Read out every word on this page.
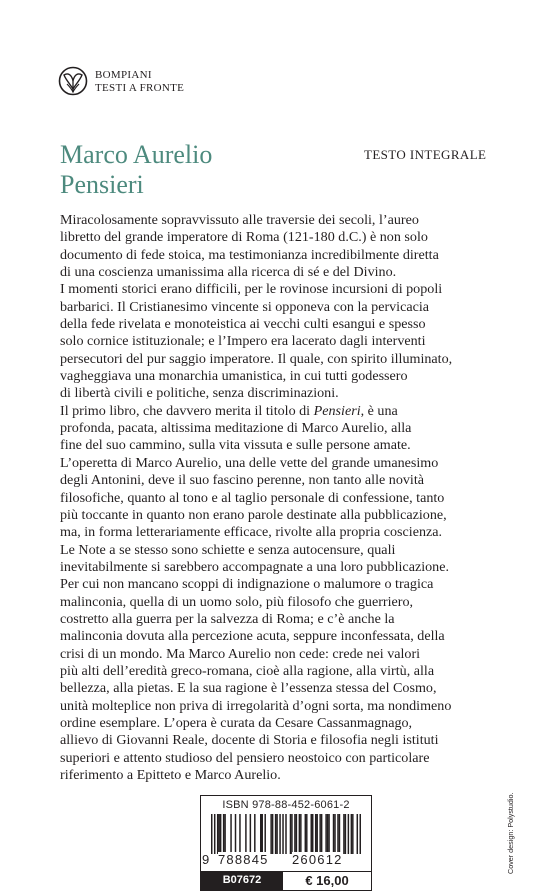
BOMPIANI
TESTI A FRONTE
Marco Aurelio
Pensieri
TESTO INTEGRALE
Miracolosamente sopravvissuto alle traversie dei secoli, l’aureo
libretto del grande imperatore di Roma (121-180 d.C.) è non solo
documento di fede stoica, ma testimonianza incredibilmente diretta
di una coscienza umanissima alla ricerca di sé e del Divino.
I momenti storici erano difficili, per le rovinose incursioni di popoli
barbarici. Il Cristianesimo vincente si opponeva con la pervicacia
della fede rivelata e monoteistica ai vecchi culti esangui e spesso
solo cornice istituzionale; e l’Impero era lacerato dagli interventi
persecutori del pur saggio imperatore. Il quale, con spirito illuminato,
vagheggiava una monarchia umanistica, in cui tutti godessero
di libertà civili e politiche, senza discriminazioni.
Il primo libro, che davvero merita il titolo di Pensieri, è una
profonda, pacata, altissima meditazione di Marco Aurelio, alla
fine del suo cammino, sulla vita vissuta e sulle persone amate.
L’operetta di Marco Aurelio, una delle vette del grande umanesimo
degli Antonini, deve il suo fascino perenne, non tanto alle novità
filosofiche, quanto al tono e al taglio personale di confessione, tanto
più toccante in quanto non erano parole destinate alla pubblicazione,
ma, in forma letterariamente efficace, rivolte alla propria coscienza.
Le Note a se stesso sono schiette e senza autocensure, quali
inevitabilmente si sarebbero accompagnate a una loro pubblicazione.
Per cui non mancano scoppi di indignazione o malumore o tragica
malinconia, quella di un uomo solo, più filosofo che guerriero,
costretto alla guerra per la salvezza di Roma; e c’è anche la
malinconia dovuta alla percezione acuta, seppure inconfessata, della
crisi di un mondo. Ma Marco Aurelio non cede: crede nei valori
più alti dell’eredità greco-romana, cioè alla ragione, alla virtù, alla
bellezza, alla pietas. E la sua ragione è l’essenza stessa del Cosmo,
unità molteplice non priva di irregolarità d’ogni sorta, ma nondimeno
ordine esemplare. L’opera è curata da Cesare Cassanmagnago,
allievo di Giovanni Reale, docente di Storia e filosofia negli istituti
superiori e attento studioso del pensiero neostoico con particolare
riferimento a Epitteto e Marco Aurelio.
Cover design: Polystudio.
ISBN 978-88-452-6061-2
9 788845 260612
B07672	€ 16,00
